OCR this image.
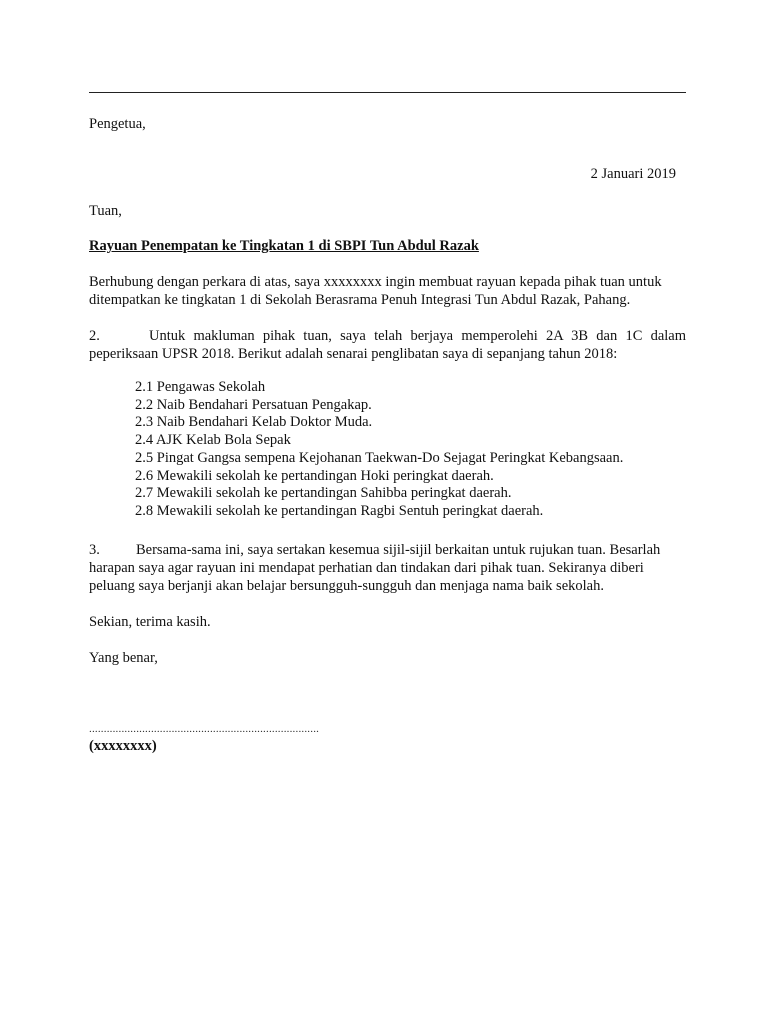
Pengetua,
2 Januari 2019
Tuan,
Rayuan Penempatan ke Tingkatan 1 di SBPI Tun Abdul Razak

Berhubung dengan perkara di atas, saya xxxxxxxx ingin membuat rayuan kepada pihak tuan untuk

ditempatkan ke tingkatan 1 di Sekolah Berasrama Penuh Integrasi Tun Abdul Razak, Pahang.

2.	Untuk makluman pihak tuan, saya telah berjaya memperolehi 2A 3B dan 1C dalam

peperiksaan UPSR 2018. Berikut adalah senarai penglibatan saya di sepanjang tahun 2018:

2.1 Pengawas Sekolah
2.2 Naib Bendahari Persatuan Pengakap.
2.3 Naib Bendahari Kelab Doktor Muda.
2.4 AJK Kelab Bola Sepak
2.5 Pingat Gangsa sempena Kejohanan Taekwan-Do Sejagat Peringkat Kebangsaan.
2.6 Mewakili sekolah ke pertandingan Hoki peringkat daerah.
2.7 Mewakili sekolah ke pertandingan Sahibba peringkat daerah.
2.8 Mewakili sekolah ke pertandingan Ragbi Sentuh peringkat daerah.

3. Bersama-sama ini, saya sertakan kesemua sijil-sijil berkaitan untuk rujukan tuan. Besarlah

harapan saya agar rayuan ini mendapat perhatian dan tindakan dari pihak tuan. Sekiranya diberi

peluang saya berjanji akan belajar bersungguh-sungguh dan menjaga nama baik sekolah.

Sekian, terima kasih.
Yang benar,
..............................................................................
(xxxxxxxx)
